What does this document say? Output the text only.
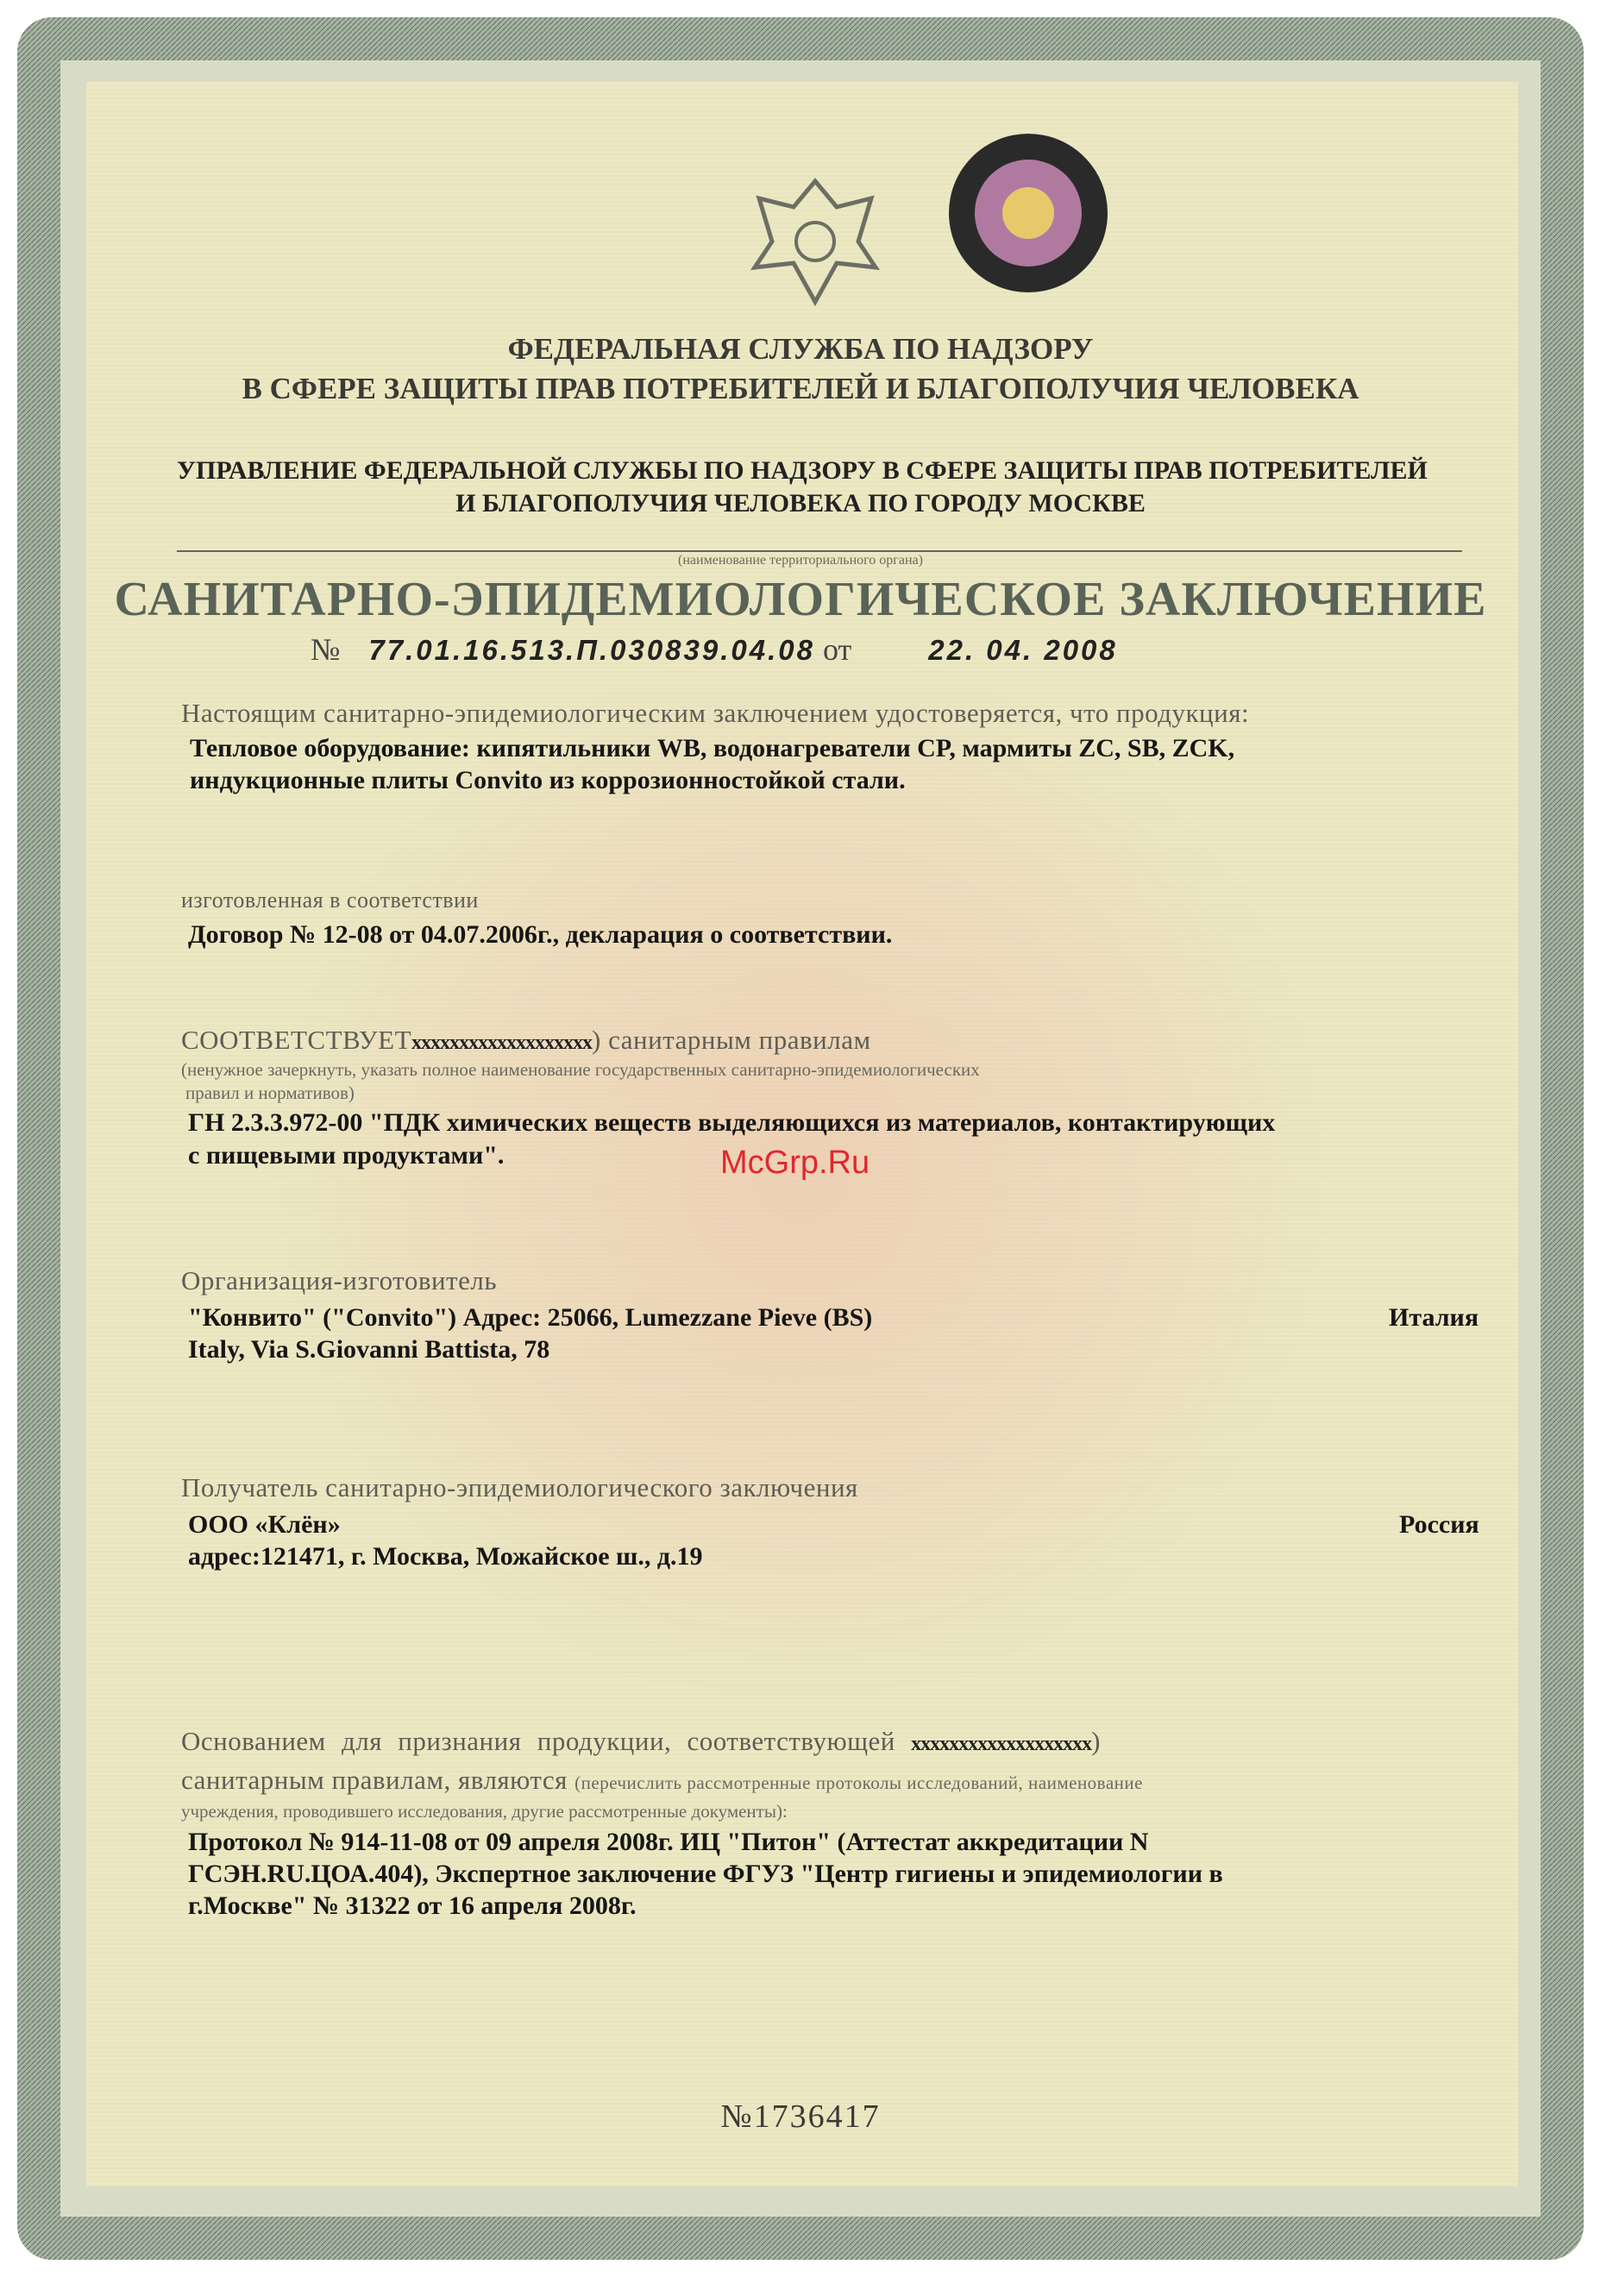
ФЕДЕРАЛЬНАЯ СЛУЖБА ПО НАДЗОРУ
В СФЕРЕ ЗАЩИТЫ ПРАВ ПОТРЕБИТЕЛЕЙ И БЛАГОПОЛУЧИЯ ЧЕЛОВЕКА
УПРАВЛЕНИЕ ФЕДЕРАЛЬНОЙ СЛУЖБЫ ПО НАДЗОРУ В СФЕРЕ ЗАЩИТЫ ПРАВ ПОТРЕБИТЕЛЕЙ
И БЛАГОПОЛУЧИЯ ЧЕЛОВЕКА ПО ГОРОДУ МОСКВЕ
(наименование территориального органа)
САНИТАРНО-ЭПИДЕМИОЛОГИЧЕСКОЕ ЗАКЛЮЧЕНИЕ
№ 77.01.16.513.П.030839.04.08 от	22. 04. 2008
Настоящим санитарно-эпидемиологическим заключением удостоверяется, что продукция:
Тепловое оборудование: кипятильники WB, водонагреватели CP, мармиты ZC, SB, ZCK,
индукционные плиты Convito из коррозионностойкой стали.
изготовленная в соответствии
Договор № 12-08 от 04.07.2006г., декларация о соответствии.
СООТВЕТСТВУЕТxxxxxxxxxxxxxxxxxxx) санитарным правилам
(ненужное зачеркнуть, указать полное наименование государственных санитарно-эпидемиологических
правил и нормативов)
ГН 2.3.3.972-00 "ПДК химических веществ выделяющихся из материалов, контактирующих
с пищевыми продуктами".	McGrp.Ru
Организация-изготовитель
"Конвито" ("Convito") Адрес: 25066, Lumezzane Pieve (BS)
Italy, Via S.Giovanni Battista, 78
Италия
Получатель санитарно-эпидемиологического заключения
ООО «Клён»
адрес:121471, г. Москва, Можайское ш., д.19
Россия
Основанием для признания продукции, соответствующей xxxxxxxxxxxxxxxxxxx)
санитарным правилам, являются (перечислить рассмотренные протоколы исследований, наименование
учреждения, проводившего исследования, другие рассмотренные документы):
Протокол № 914-11-08 от 09 апреля 2008г. ИЦ "Питон" (Аттестат аккредитации N
ГСЭН.RU.ЦОА.404), Экспертное заключение ФГУЗ "Центр гигиены и эпидемиологии в
г.Москве" № 31322 от 16 апреля 2008г.
№1736417
